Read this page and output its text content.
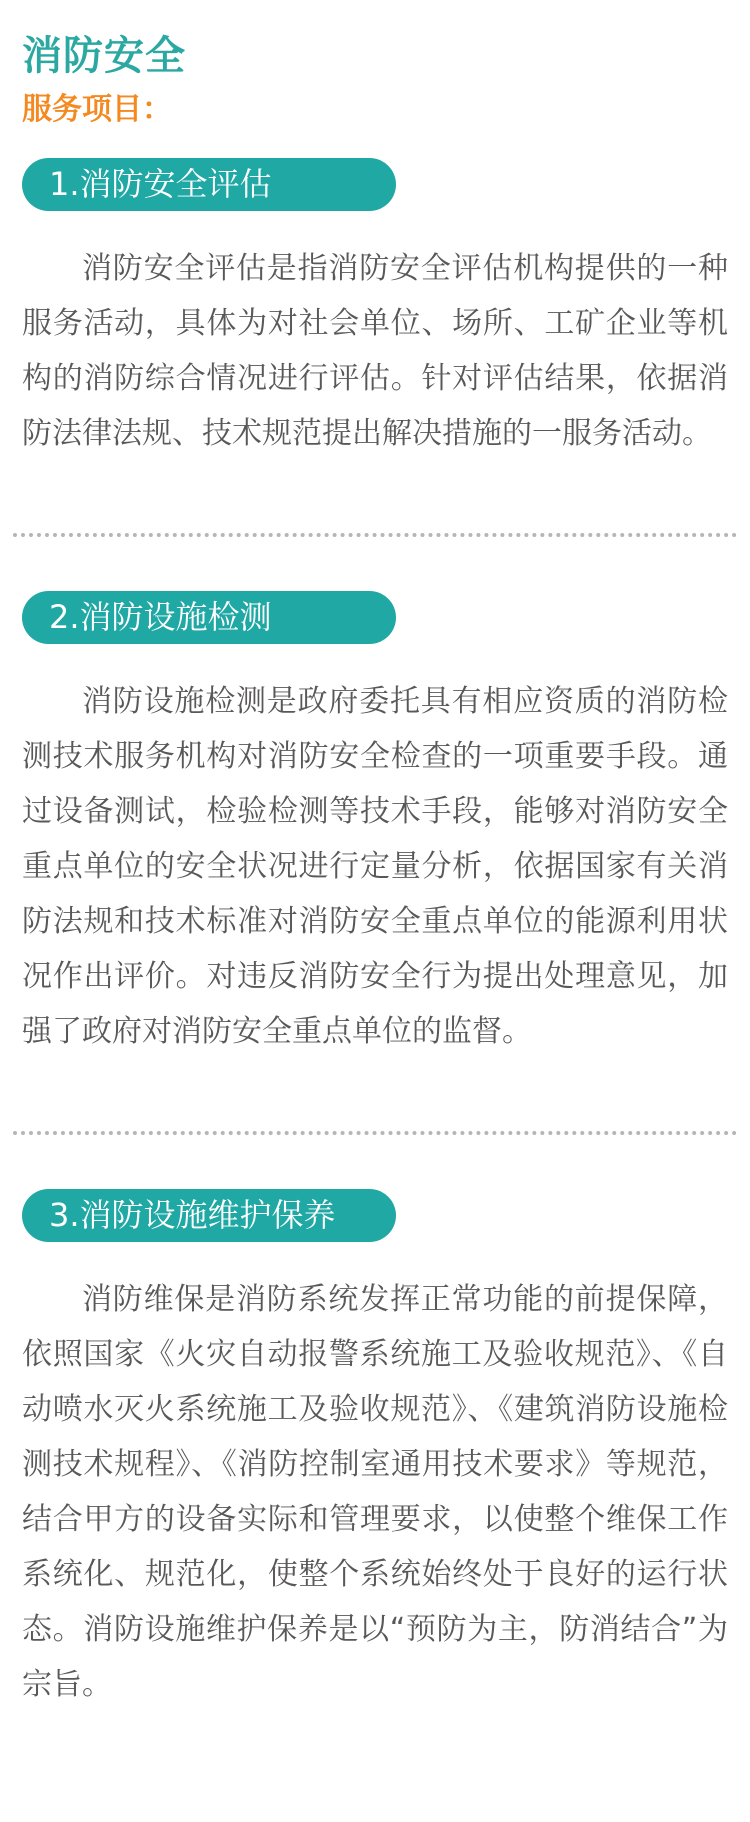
消防安全
服务项目：
1.消防安全评估

消防安全评估是指消防安全评估机构提供的一种服务活动，具体为对社会单位、场所、工矿企业等机构的消防综合情况进行评估。针对评估结果，依据消防法律法规、技术规范提出解决措施的一服务活动。

2.消防设施检测

消防设施检测是政府委托具有相应资质的消防检测技术服务机构对消防安全检查的一项重要手段。通过设备测试，检验检测等技术手段，能够对消防安全重点单位的安全状况进行定量分析，依据国家有关消防法规和技术标准对消防安全重点单位的能源利用状况作出评价。对违反消防安全行为提出处理意见，加强了政府对消防安全重点单位的监督。

3.消防设施维护保养

消防维保是消防系统发挥正常功能的前提保障，依照国家《火灾自动报警系统施工及验收规范》、《自动喷水灭火系统施工及验收规范》、《建筑消防设施检测技术规程》、《消防控制室通用技术要求》等规范，结合甲方的设备实际和管理要求，以使整个维保工作系统化、规范化，使整个系统始终处于良好的运行状态。消防设施维护保养是以“预防为主，防消结合”为宗旨。
